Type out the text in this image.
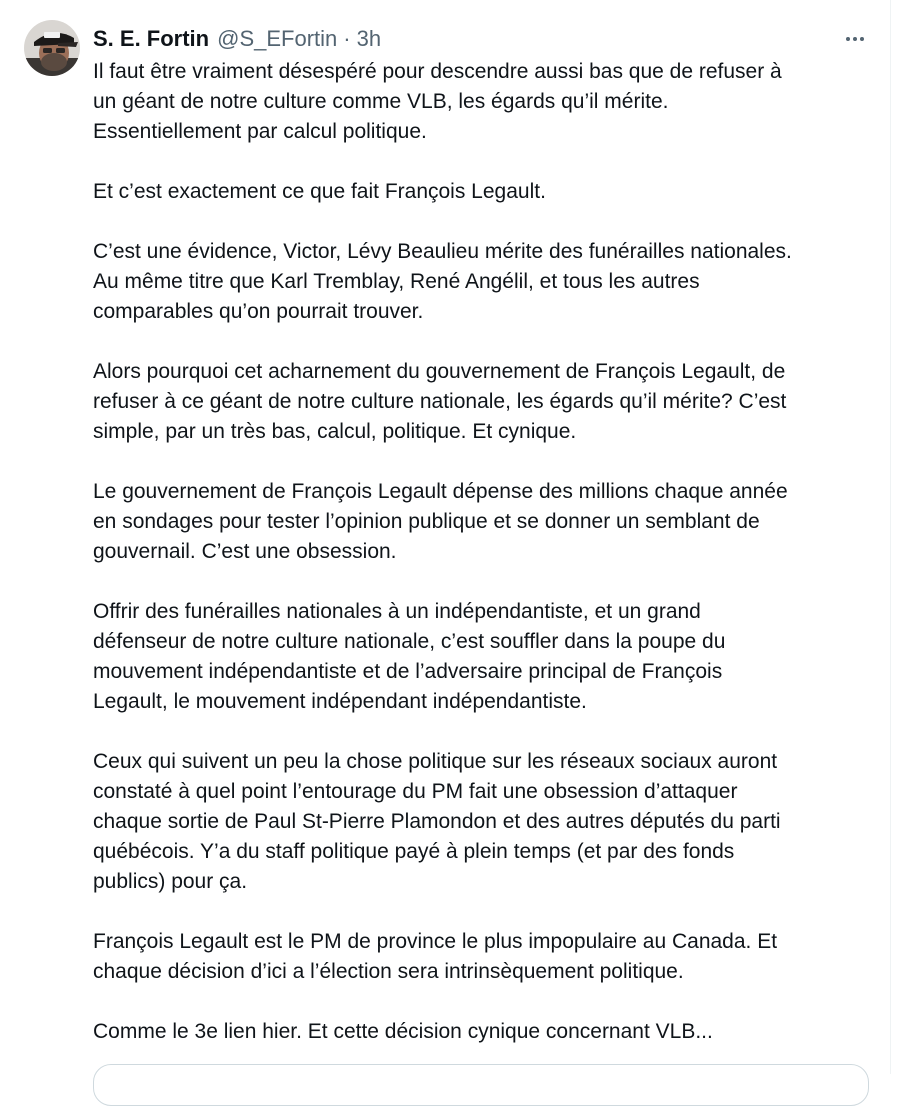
S. E. Fortin @S_EFortin · 3h

Il faut être vraiment désespéré pour descendre aussi bas que de refuser à
un géant de notre culture comme VLB, les égards qu’il mérite.
Essentiellement par calcul politique.

Et c’est exactement ce que fait François Legault.

C’est une évidence, Victor, Lévy Beaulieu mérite des funérailles nationales.
Au même titre que Karl Tremblay, René Angélil, et tous les autres
comparables qu’on pourrait trouver.

Alors pourquoi cet acharnement du gouvernement de François Legault, de
refuser à ce géant de notre culture nationale, les égards qu’il mérite? C’est
simple, par un très bas, calcul, politique. Et cynique.

Le gouvernement de François Legault dépense des millions chaque année
en sondages pour tester l’opinion publique et se donner un semblant de
gouvernail. C’est une obsession.

Offrir des funérailles nationales à un indépendantiste, et un grand
défenseur de notre culture nationale, c’est souffler dans la poupe du
mouvement indépendantiste et de l’adversaire principal de François
Legault, le mouvement indépendant indépendantiste.

Ceux qui suivent un peu la chose politique sur les réseaux sociaux auront
constaté à quel point l’entourage du PM fait une obsession d’attaquer
chaque sortie de Paul St-Pierre Plamondon et des autres députés du parti
québécois. Y’a du staff politique payé à plein temps (et par des fonds
publics) pour ça.

François Legault est le PM de province le plus impopulaire au Canada. Et
chaque décision d’ici a l’élection sera intrinsèquement politique.

Comme le 3e lien hier. Et cette décision cynique concernant VLB...
